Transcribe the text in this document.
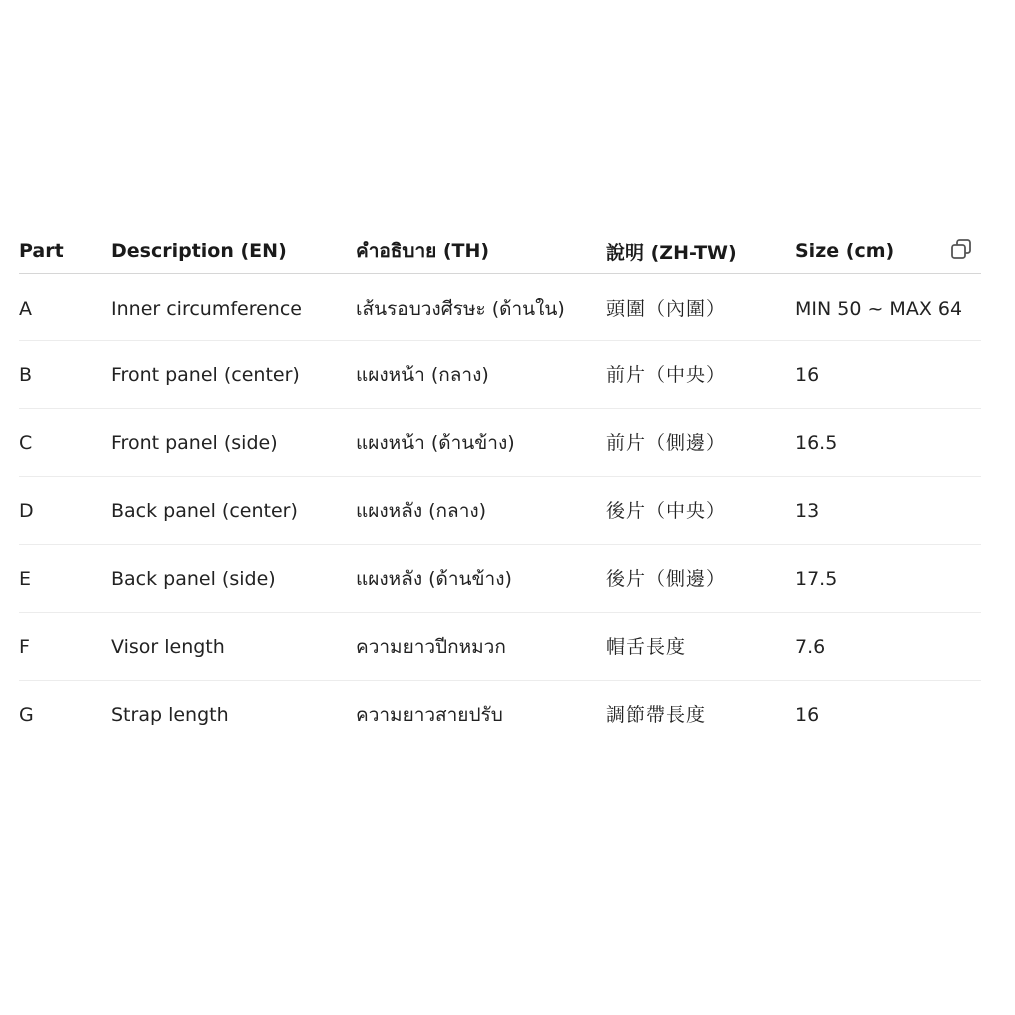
Part	Description (EN)	คำอธิบาย (TH)	說明 (ZH-TW)	Size (cm)

A	Inner circumference	เส้นรอบวงศีรษะ (ด้านใน)	頭圍（內圍）	MIN 50 ~ MAX 64
B	Front panel (center)	แผงหน้า (กลาง)	前片（中央）	16
C	Front panel (side)	แผงหน้า (ด้านข้าง)	前片（側邊）	16.5
D	Back panel (center)	แผงหลัง (กลาง)	後片（中央）	13
E	Back panel (side)	แผงหลัง (ด้านข้าง)	後片（側邊）	17.5
F	Visor length	ความยาวปีกหมวก	帽舌長度	7.6
G	Strap length	ความยาวสายปรับ	調節帶長度	16
